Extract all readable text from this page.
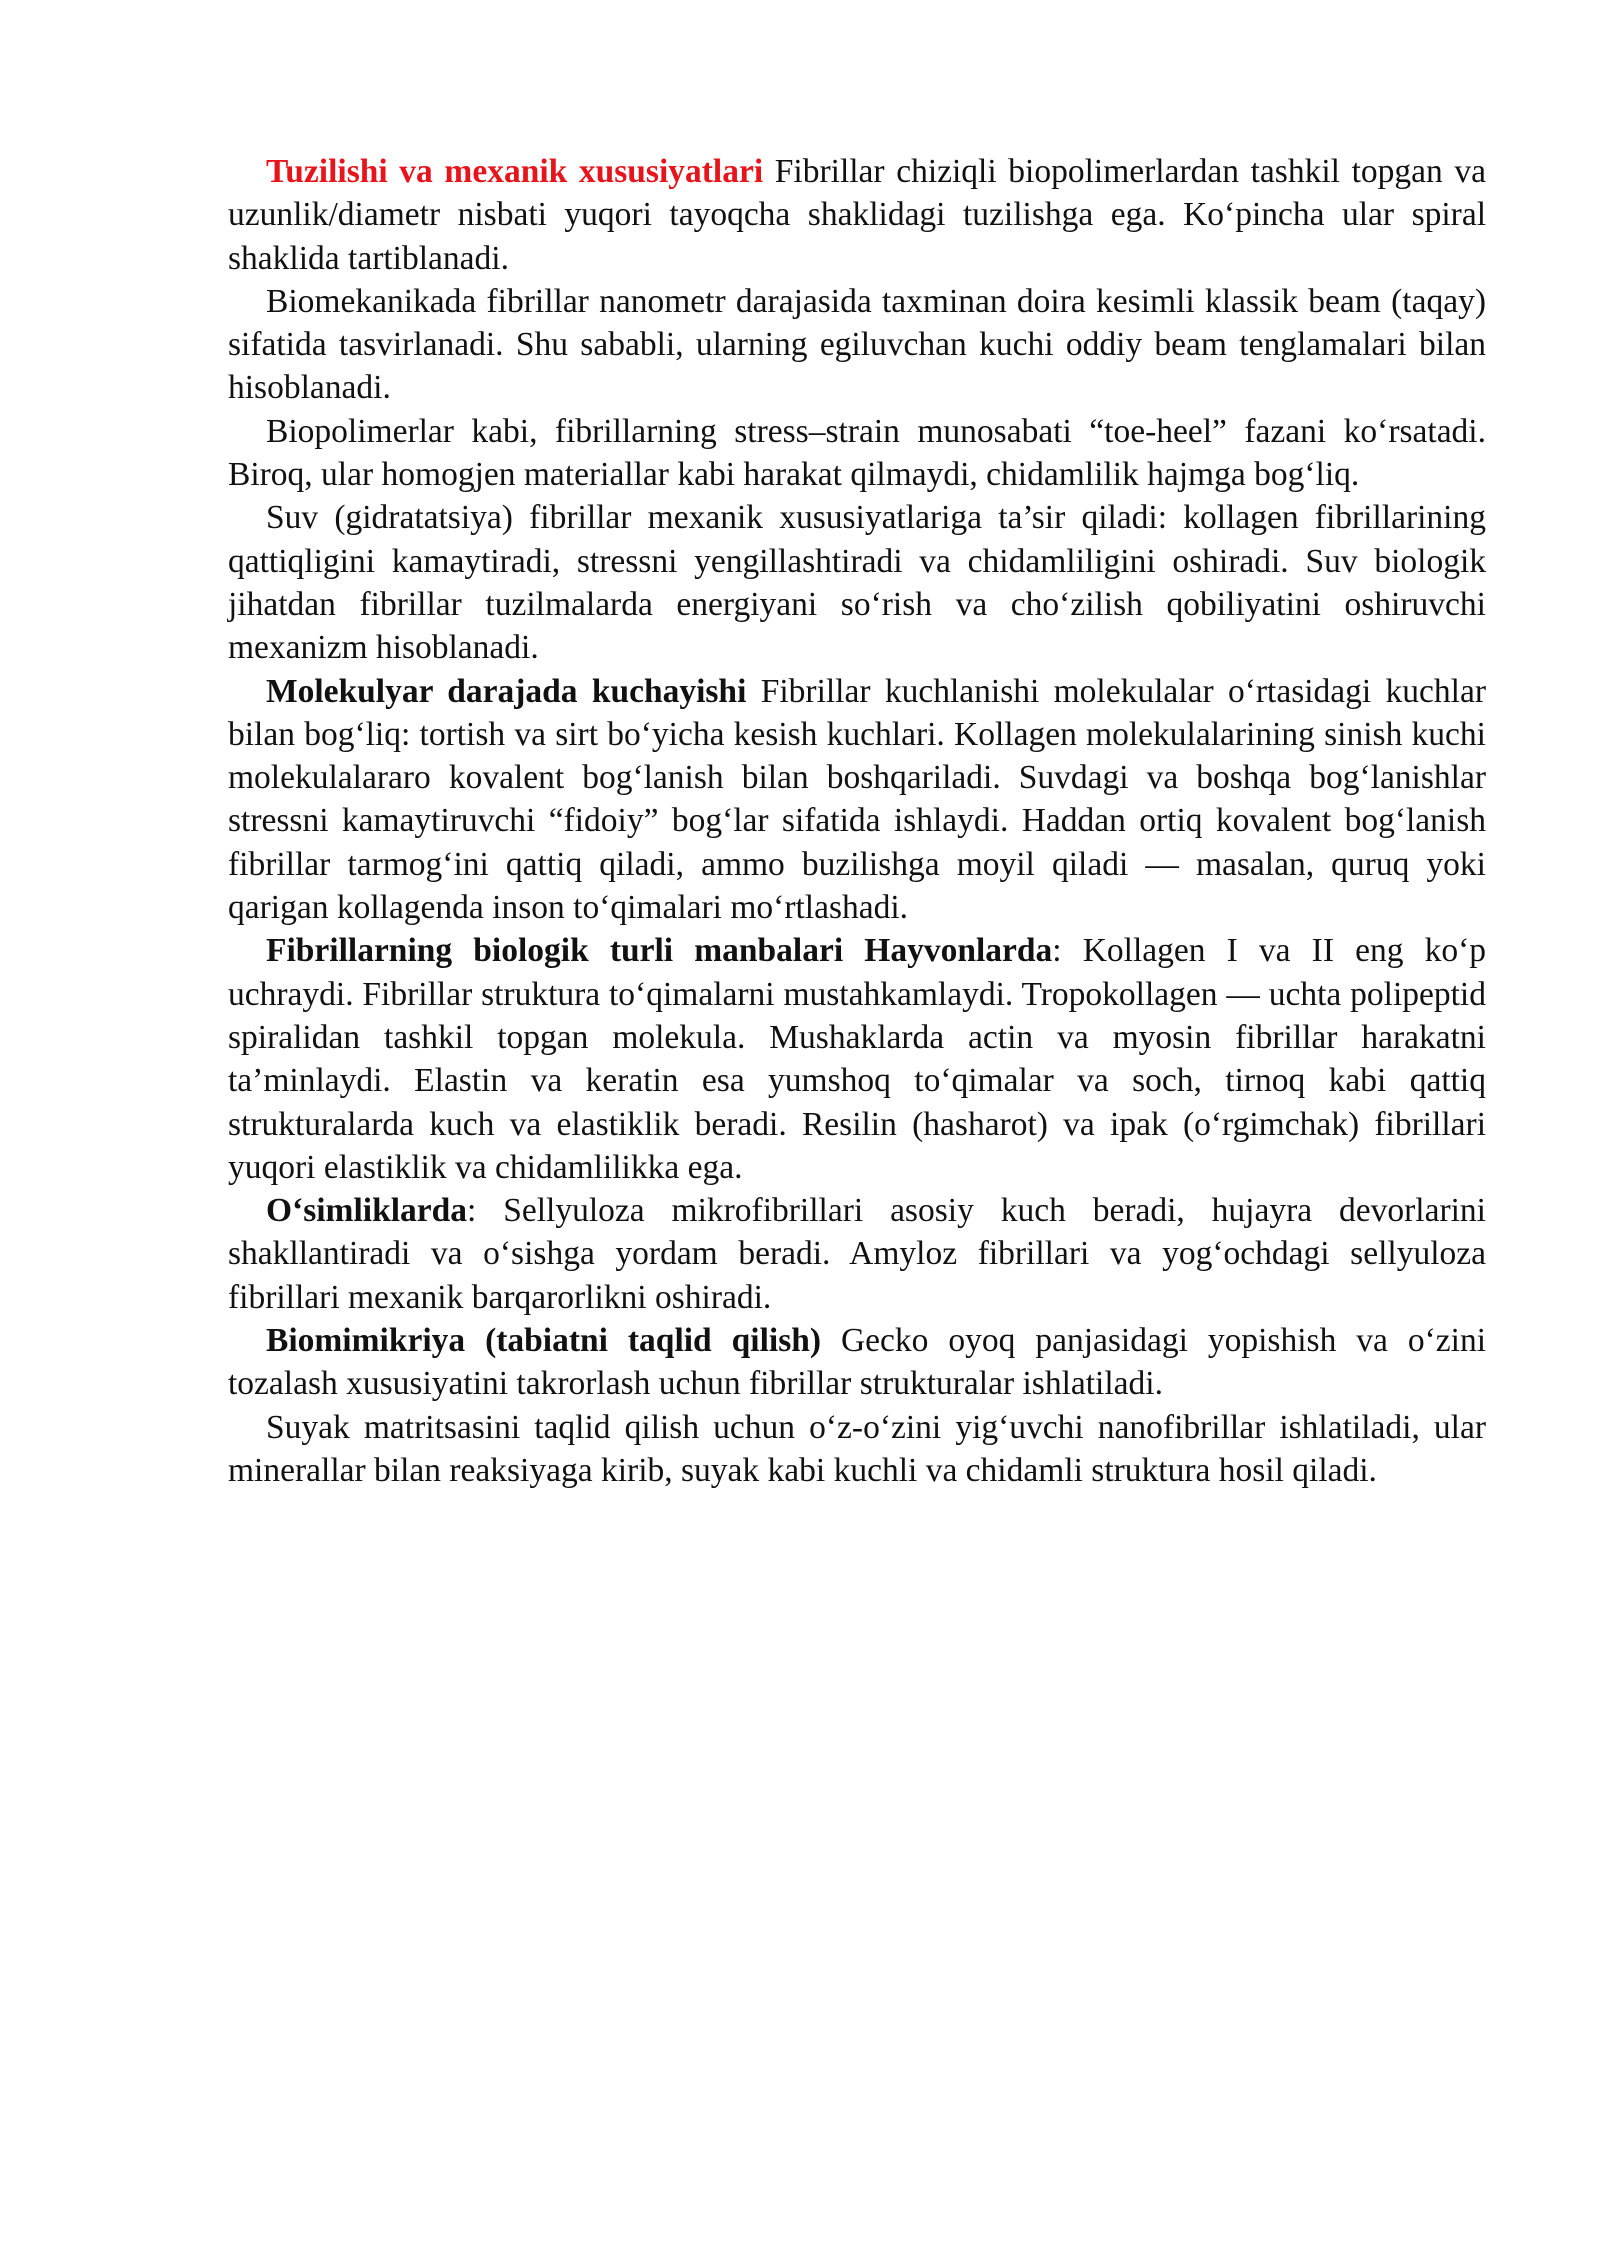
Tuzilishi va mexanik xususiyatlari Fibrillar chiziqli biopolimerlardan tashkil topgan va uzunlik/diametr nisbati yuqori tayoqcha shaklidagi tuzilishga ega. Ko‘pincha ular spiral shaklida tartiblanadi.

Biomekanikada fibrillar nanometr darajasida taxminan doira kesimli klassik beam (taqay) sifatida tasvirlanadi. Shu sababli, ularning egiluvchan kuchi oddiy beam tenglamalari bilan hisoblanadi.

Biopolimerlar kabi, fibrillarning stress–strain munosabati “toe-heel” fazani ko‘rsatadi. Biroq, ular homogjen materiallar kabi harakat qilmaydi, chidamlilik hajmga bog‘liq.

Suv (gidratatsiya) fibrillar mexanik xususiyatlariga ta’sir qiladi: kollagen fibrillarining qattiqligini kamaytiradi, stressni yengillashtiradi va chidamliligini oshiradi. Suv biologik jihatdan fibrillar tuzilmalarda energiyani so‘rish va cho‘zilish qobiliyatini oshiruvchi mexanizm hisoblanadi.

Molekulyar darajada kuchayishi Fibrillar kuchlanishi molekulalar o‘rtasidagi kuchlar bilan bog‘liq: tortish va sirt bo‘yicha kesish kuchlari. Kollagen molekulalarining sinish kuchi molekulalararo kovalent bog‘lanish bilan boshqariladi. Suvdagi va boshqa bog‘lanishlar stressni kamaytiruvchi “fidoiy” bog‘lar sifatida ishlaydi. Haddan ortiq kovalent bog‘lanish fibrillar tarmog‘ini qattiq qiladi, ammo buzilishga moyil qiladi — masalan, quruq yoki qarigan kollagenda inson to‘qimalari mo‘rtlashadi.

Fibrillarning biologik turli manbalari Hayvonlarda: Kollagen I va II eng ko‘p uchraydi. Fibrillar struktura to‘qimalarni mustahkamlaydi. Tropokollagen — uchta polipeptid spiralidan tashkil topgan molekula. Mushaklarda actin va myosin fibrillar harakatni ta’minlaydi. Elastin va keratin esa yumshoq to‘qimalar va soch, tirnoq kabi qattiq strukturalarda kuch va elastiklik beradi. Resilin (hasharot) va ipak (o‘rgimchak) fibrillari yuqori elastiklik va chidamlilikka ega.

O‘simliklarda: Sellyuloza mikrofibrillari asosiy kuch beradi, hujayra devorlarini shakllantiradi va o‘sishga yordam beradi. Amyloz fibrillari va yog‘ochdagi sellyuloza fibrillari mexanik barqarorlikni oshiradi.

Biomimikriya (tabiatni taqlid qilish) Gecko oyoq panjasidagi yopishish va o‘zini tozalash xususiyatini takrorlash uchun fibrillar strukturalar ishlatiladi.

Suyak matritsasini taqlid qilish uchun o‘z-o‘zini yig‘uvchi nanofibrillar ishlatiladi, ular minerallar bilan reaksiyaga kirib, suyak kabi kuchli va chidamli struktura hosil qiladi.
